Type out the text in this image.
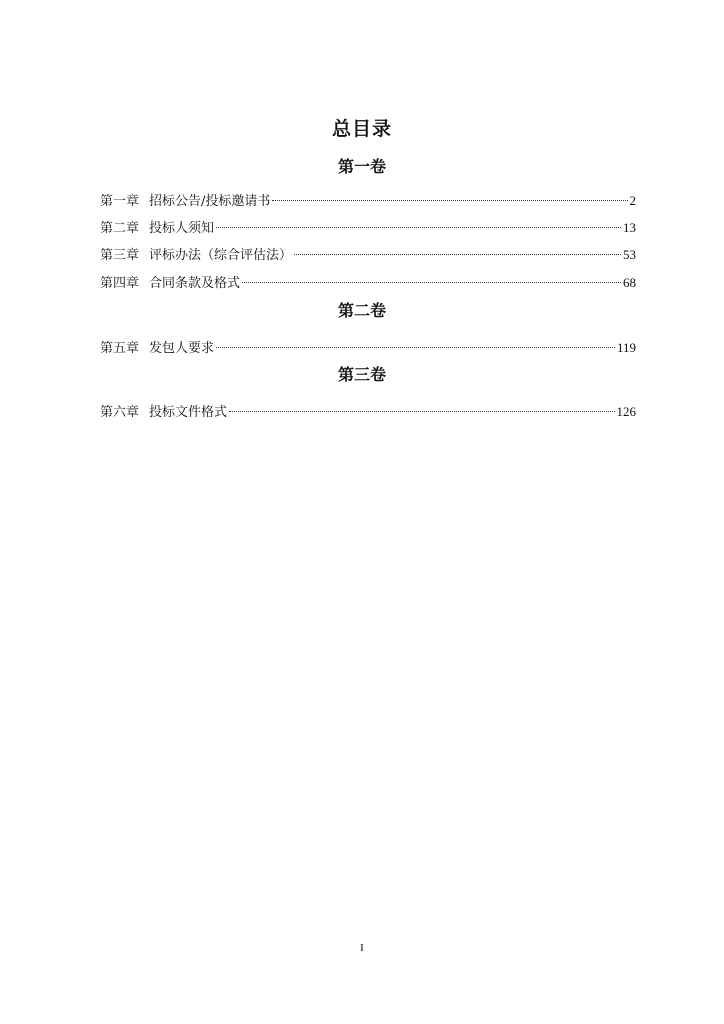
总目录
第一卷
第一章 招标公告/投标邀请书	2
第二章 投标人须知	13
第三章 评标办法（综合评估法）	53
第四章 合同条款及格式	68
第二卷
第五章 发包人要求	119
第三卷
第六章 投标文件格式	126
I
